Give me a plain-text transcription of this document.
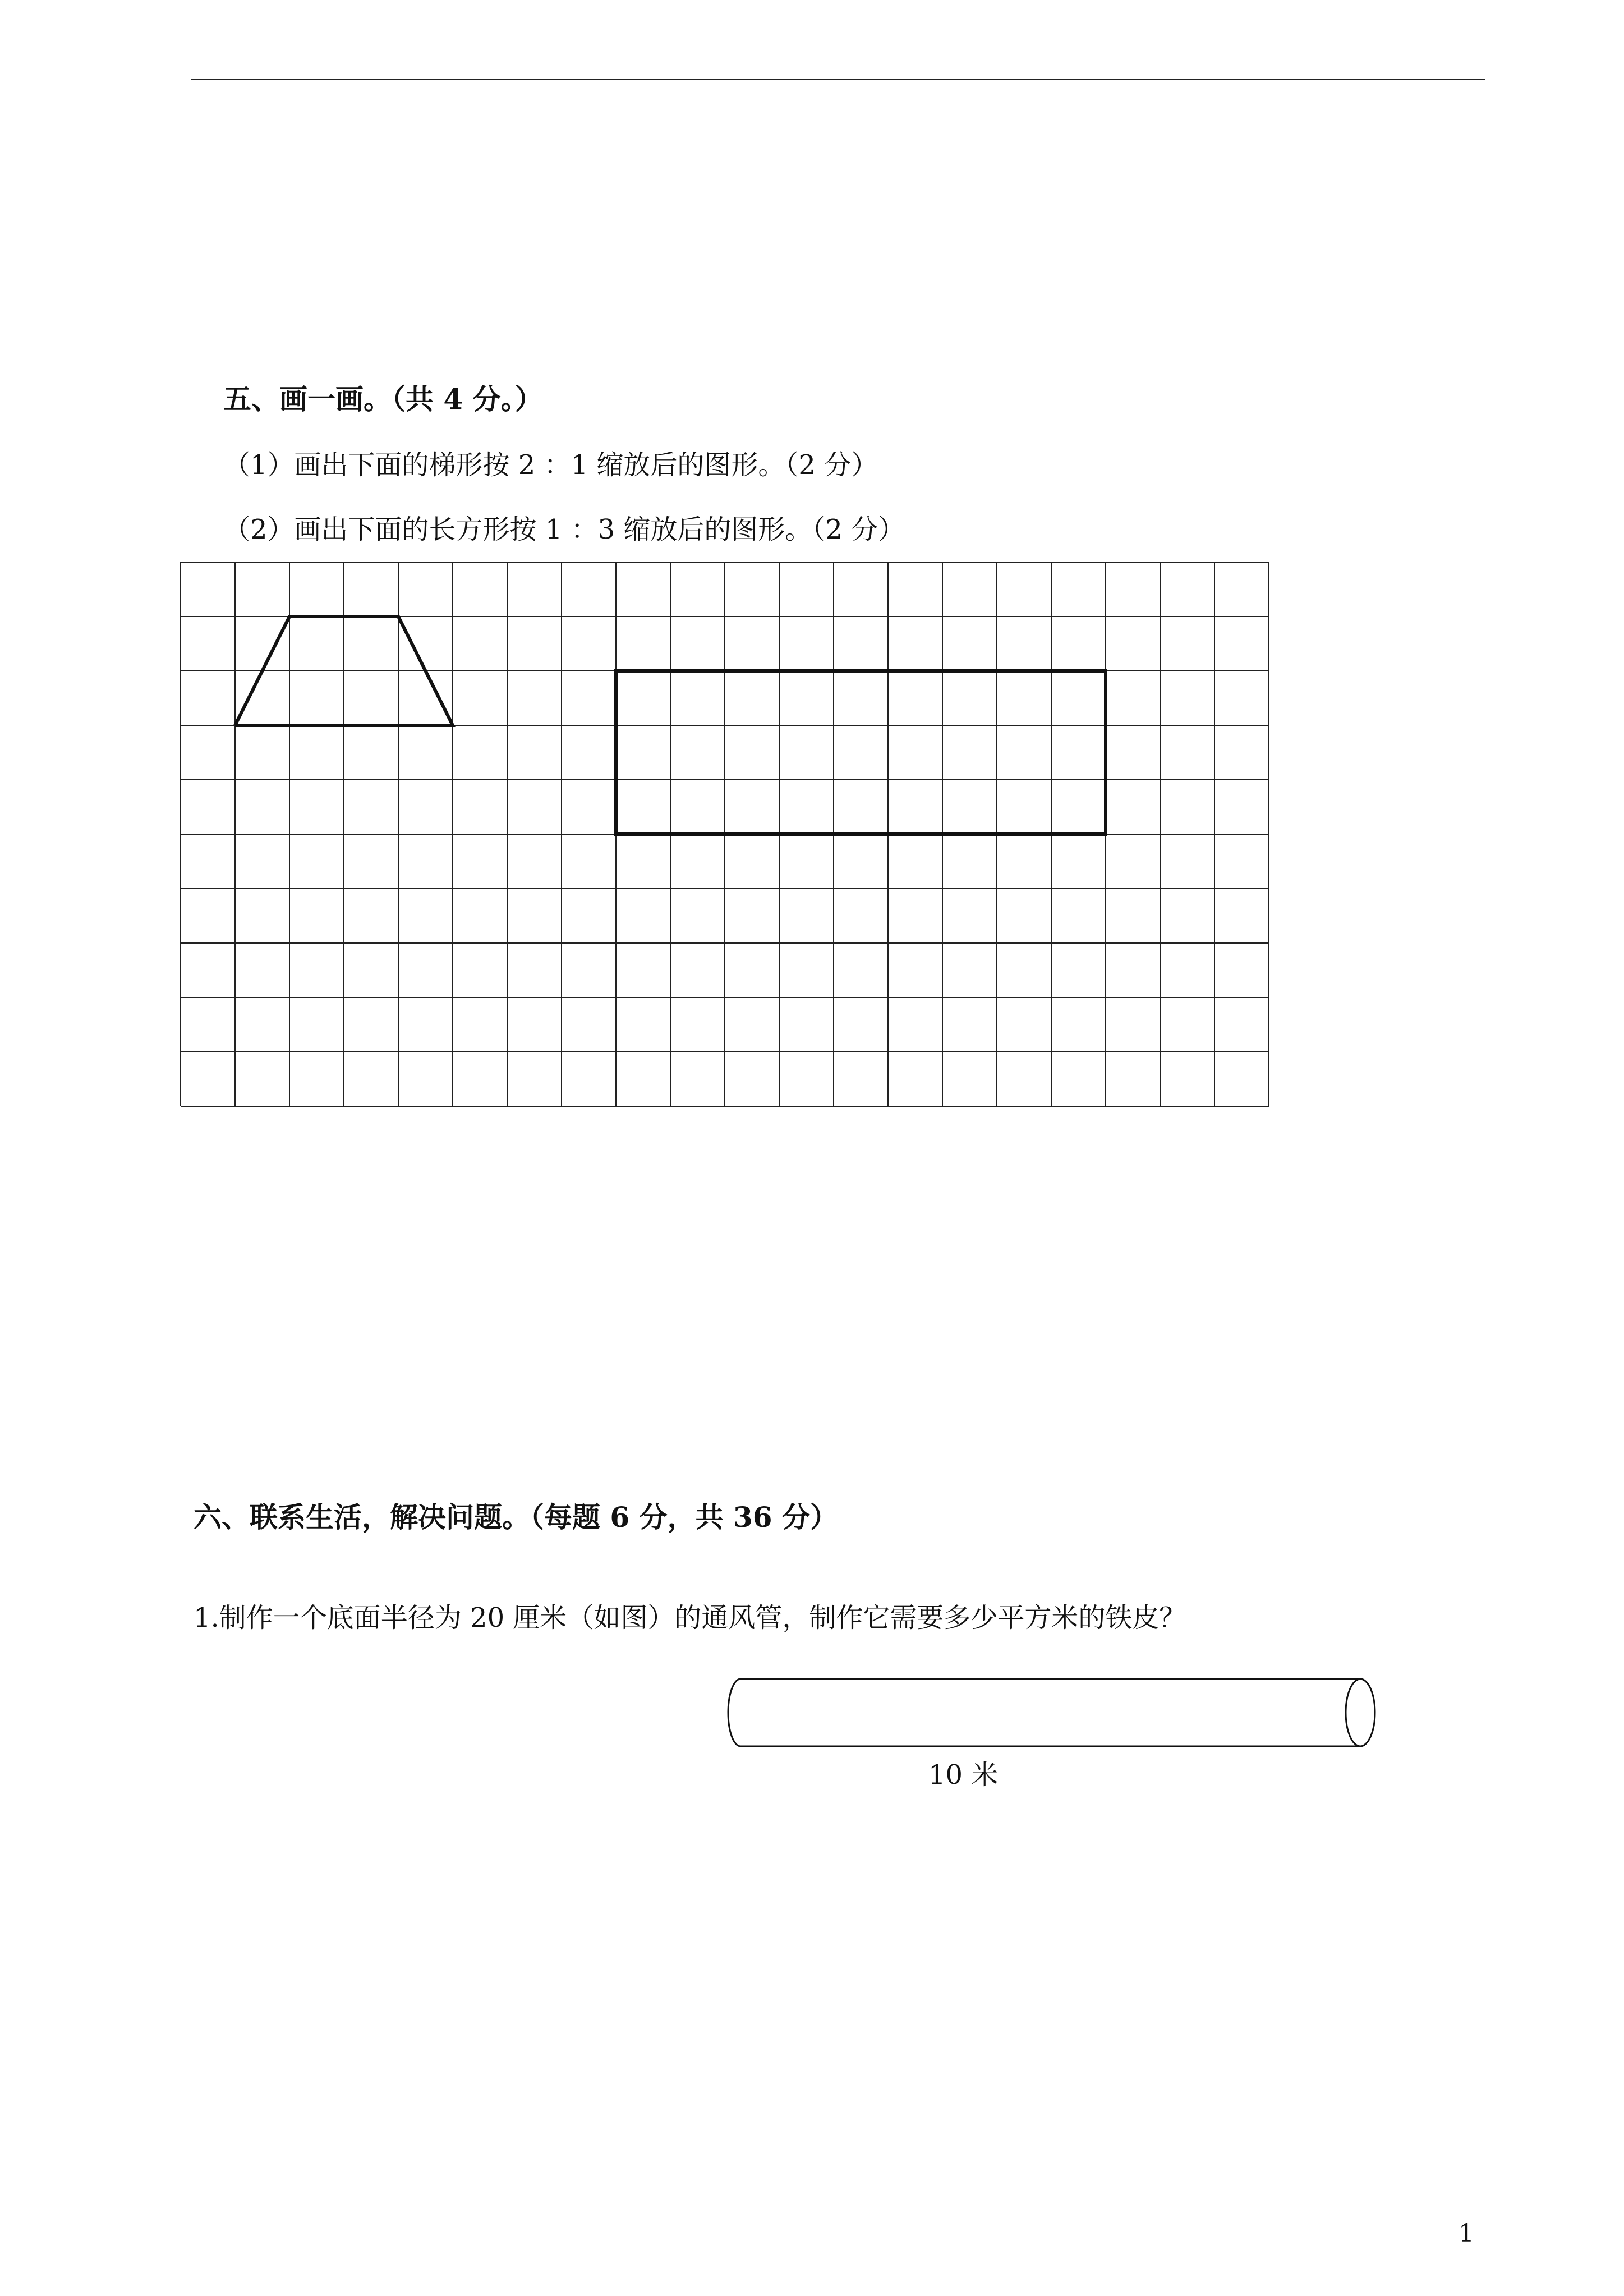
五、画一画。（共 4 分。）
（1）画出下面的梯形按 2 ：1 缩放后的图形。（2 分）
（2）画出下面的长方形按 1 ：3 缩放后的图形。（2 分）
六、联系生活，解决问题。（每题 6 分，共 36 分）
1.制作一个底面半径为 20 厘米（如图）的通风管，制作它需要多少平方米的铁皮？
10 米
1
